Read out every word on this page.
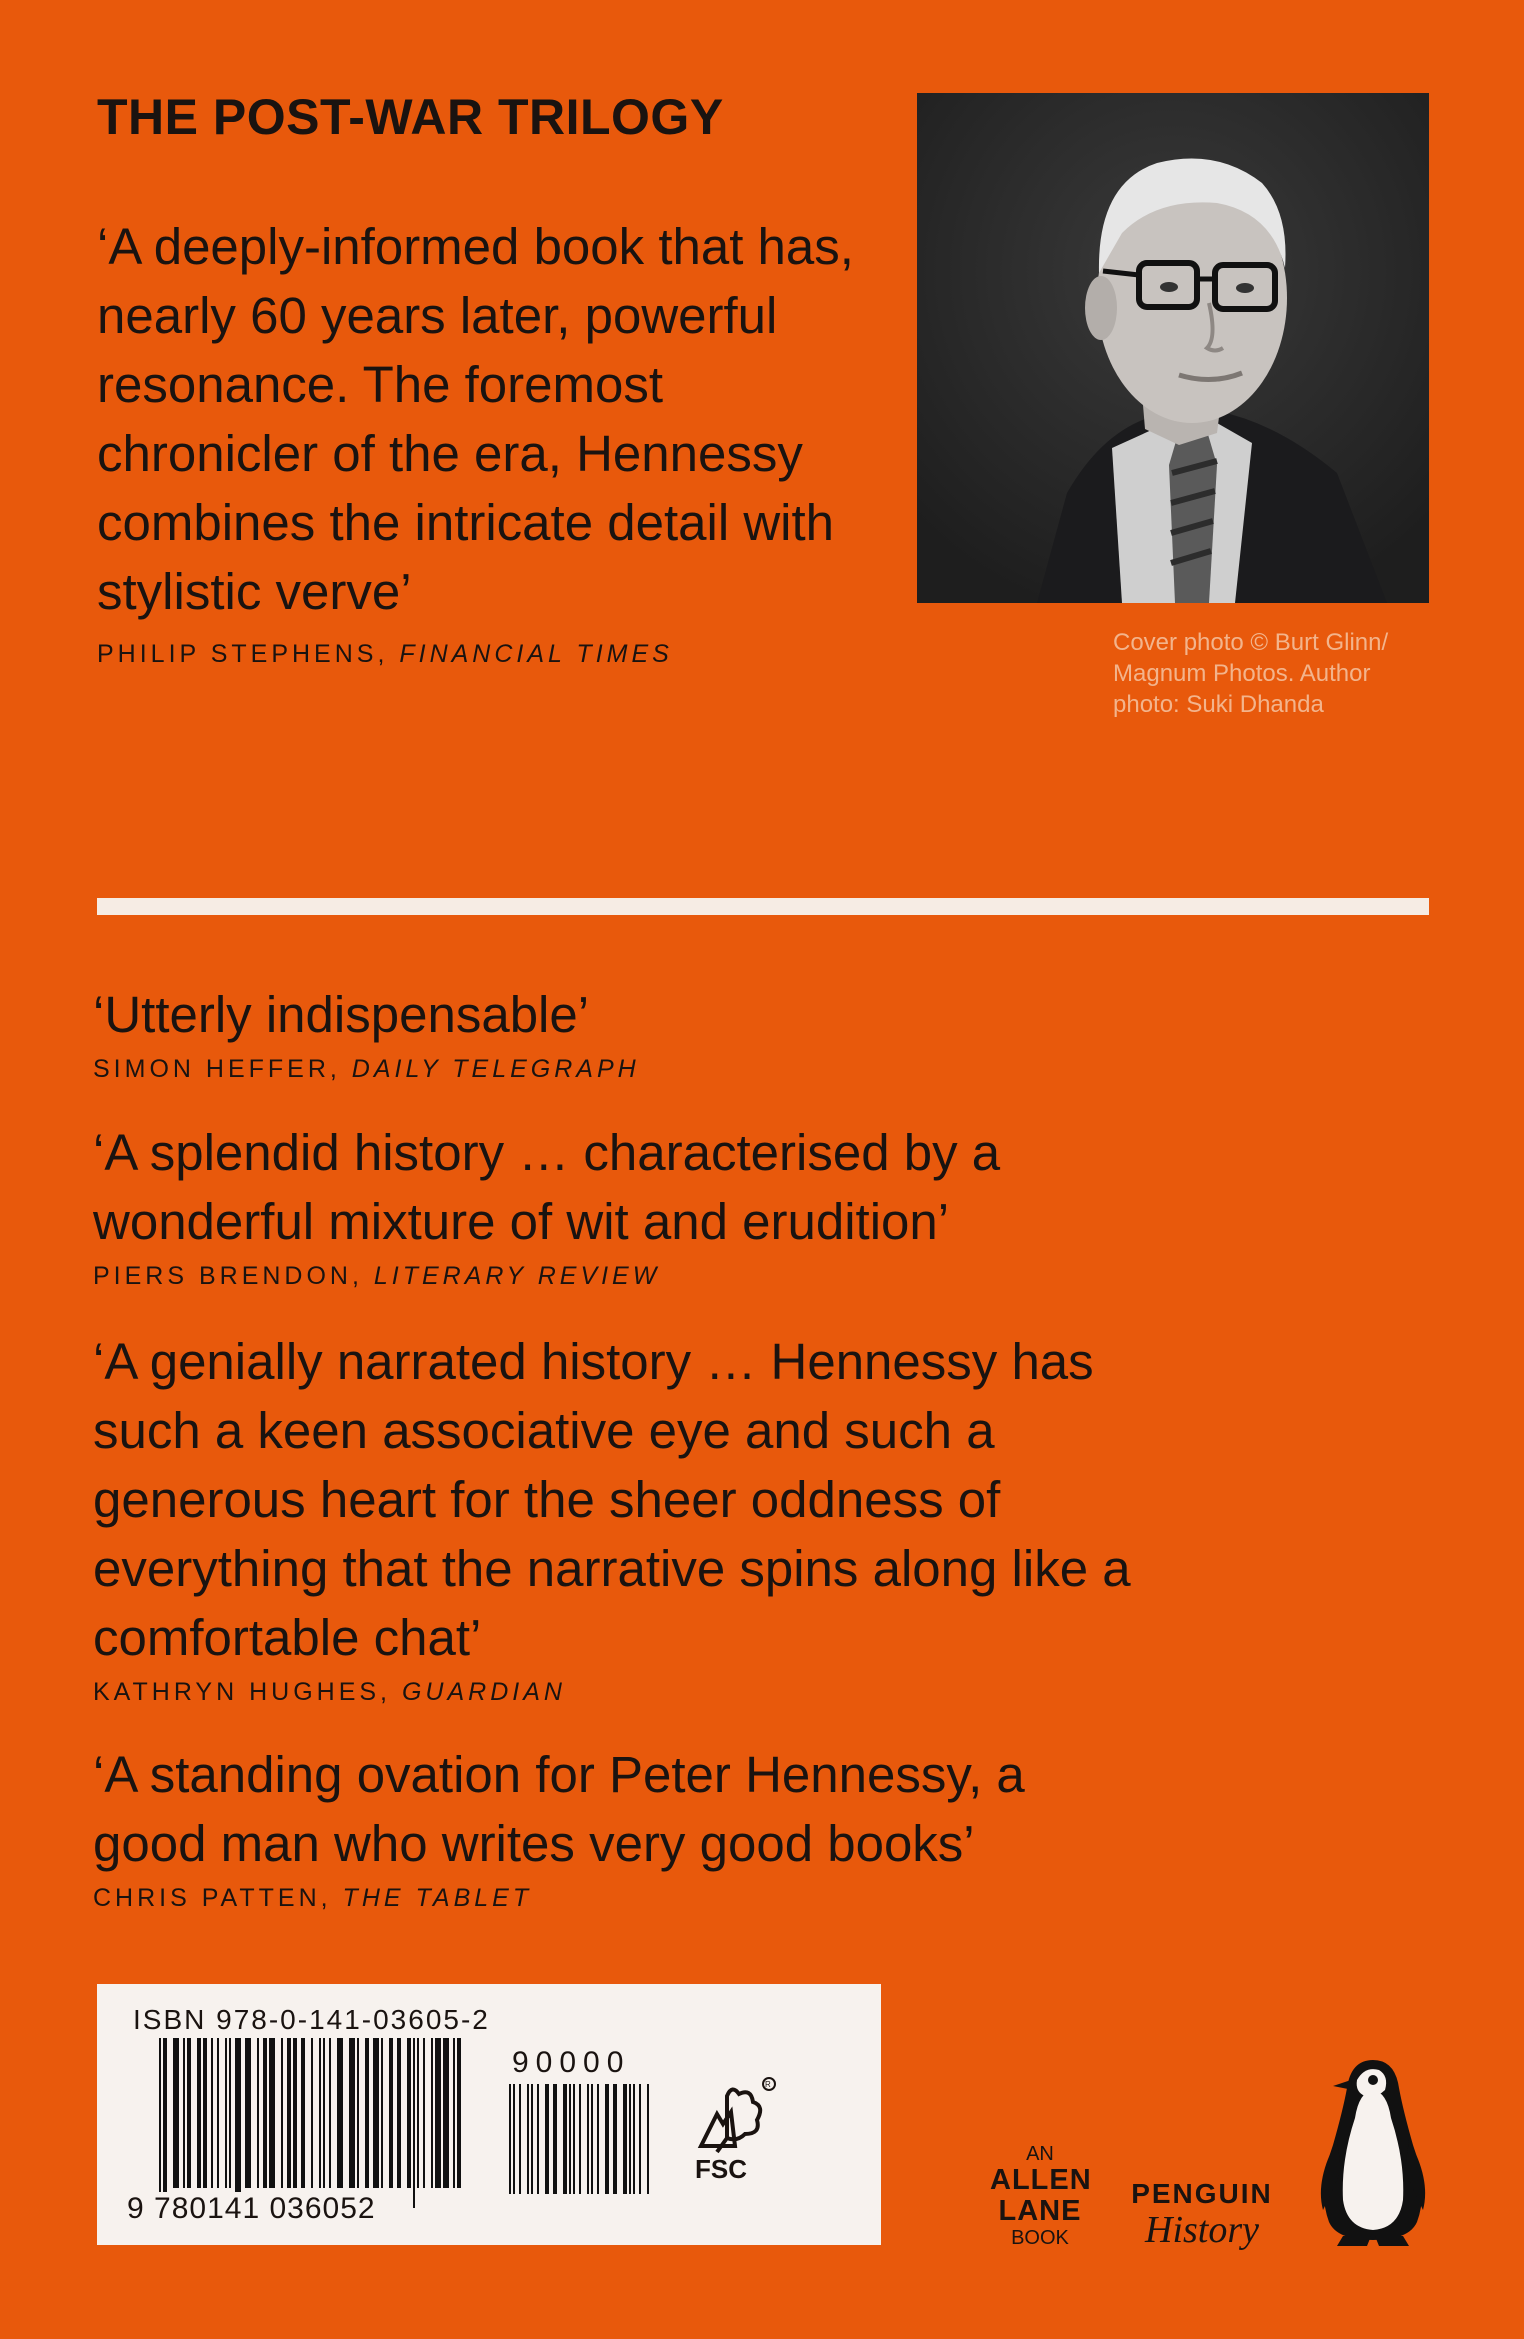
THE POST-WAR TRILOGY

‘A deeply-informed book that has, nearly 60 years later, powerful resonance. The foremost chronicler of the era, Hennessy combines the intricate detail with stylistic verve’

PHILIP STEPHENS, FINANCIAL TIMES	Cover photo © Burt Glinn/ Magnum Photos. Author photo: Suki Dhanda

‘Utterly indispensable’

SIMON HEFFER, DAILY TELEGRAPH

‘A splendid history … characterised by a wonderful mixture of wit and erudition’

PIERS BRENDON, LITERARY REVIEW

‘A genially narrated history … Hennessy has such a keen associative eye and such a generous heart for the sheer oddness of everything that the narrative spins along like a comfortable chat’

KATHRYN HUGHES, GUARDIAN

‘A standing ovation for Peter Hennessy, a good man who writes very good books’

CHRIS PATTEN, THE TABLET

ISBN 978-0-141-03605-2

90000

9 780141 036052

R
FSC	AN
ALLEN
LANE
BOOK
PENGUIN
History
